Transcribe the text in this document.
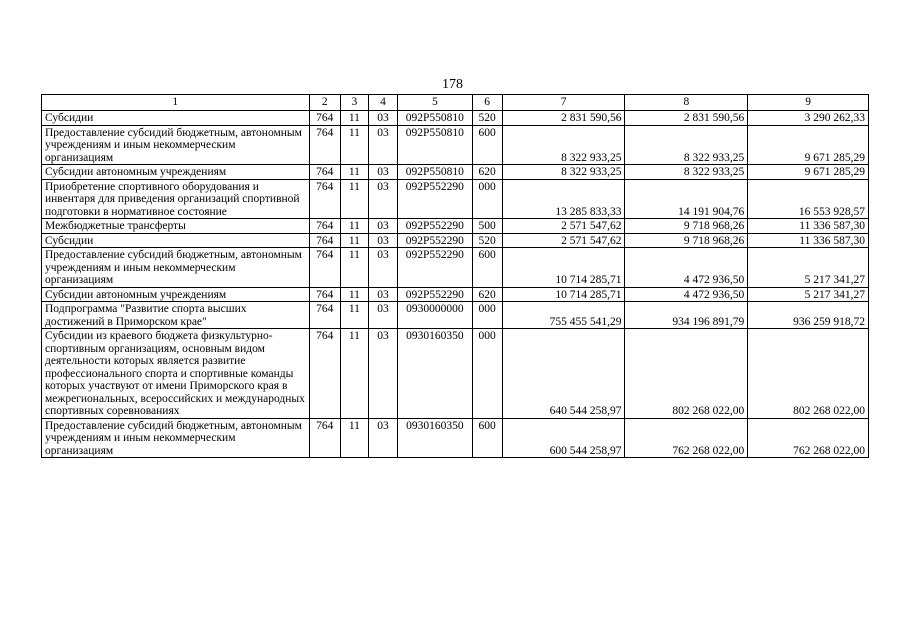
178
1	2	3	4	5	6	7	8	9
Субсидии	764	11	03	092P550810	520	2 831 590,56	2 831 590,56	3 290 262,33
Предоставление субсидий бюджетным, автономным учреждениям и иным некоммерческим организациям	764	11	03	092P550810	600	8 322 933,25	8 322 933,25	9 671 285,29
Субсидии автономным учреждениям	764	11	03	092P550810	620	8 322 933,25	8 322 933,25	9 671 285,29
Приобретение спортивного оборудования и инвентаря для приведения организаций спортивной подготовки в нормативное состояние	764	11	03	092P552290	000	13 285 833,33	14 191 904,76	16 553 928,57
Межбюджетные трансферты	764	11	03	092P552290	500	2 571 547,62	9 718 968,26	11 336 587,30
Субсидии	764	11	03	092P552290	520	2 571 547,62	9 718 968,26	11 336 587,30
Предоставление субсидий бюджетным, автономным учреждениям и иным некоммерческим организациям	764	11	03	092P552290	600	10 714 285,71	4 472 936,50	5 217 341,27
Субсидии автономным учреждениям	764	11	03	092P552290	620	10 714 285,71	4 472 936,50	5 217 341,27
Подпрограмма "Развитие спорта высших достижений в Приморском крае"	764	11	03	0930000000	000	755 455 541,29	934 196 891,79	936 259 918,72
Субсидии из краевого бюджета физкультурно-спортивным организациям, основным видом деятельности которых является развитие профессионального спорта и спортивные команды которых участвуют от имени Приморского края в межрегиональных, всероссийских и международных спортивных соревнованиях	764	11	03	0930160350	000	640 544 258,97	802 268 022,00	802 268 022,00
Предоставление субсидий бюджетным, автономным учреждениям и иным некоммерческим организациям	764	11	03	0930160350	600	600 544 258,97	762 268 022,00	762 268 022,00
